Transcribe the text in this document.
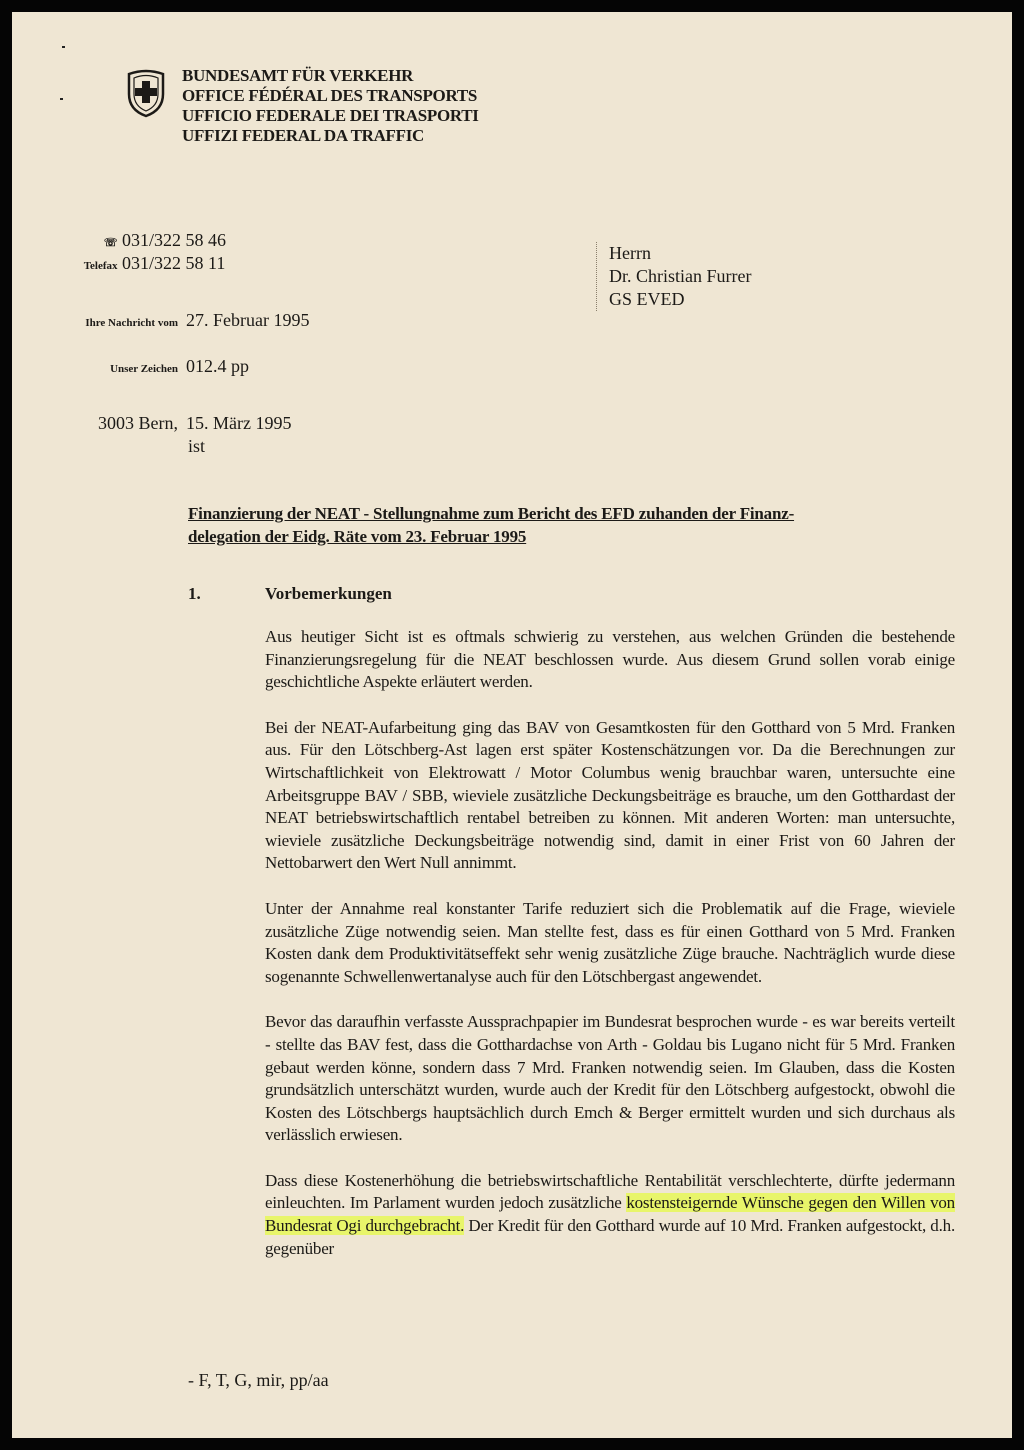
BUNDESAMT FÜR VERKEHR
OFFICE FÉDÉRAL DES TRANSPORTS
UFFICIO FEDERALE DEI TRASPORTI
UFFIZI FEDERAL DA TRAFFIC
☏ 031/322 58 46
Telefax 031/322 58 11
Ihre Nachricht vom 27. Februar 1995
Unser Zeichen 012.4 pp
3003 Bern, 15. März 1995
ist
Herrn
Dr. Christian Furrer
GS EVED
Finanzierung der NEAT - Stellungnahme zum Bericht des EFD zuhanden der Finanz-
delegation der Eidg. Räte vom 23. Februar 1995
1.	Vorbemerkungen

Aus heutiger Sicht ist es oftmals schwierig zu verstehen, aus welchen Gründen die bestehende Finanzierungsregelung für die NEAT beschlossen wurde. Aus diesem Grund sollen vorab einige geschichtliche Aspekte erläutert werden.

Bei der NEAT-Aufarbeitung ging das BAV von Gesamtkosten für den Gotthard von 5 Mrd. Franken aus. Für den Lötschberg-Ast lagen erst später Kostenschätzungen vor. Da die Berechnungen zur Wirtschaftlichkeit von Elektrowatt / Motor Columbus wenig brauchbar waren, untersuchte eine Arbeitsgruppe BAV / SBB, wieviele zusätzliche Deckungsbeiträge es brauche, um den Gotthardast der NEAT betriebswirtschaftlich rentabel betreiben zu können. Mit anderen Worten: man untersuchte, wieviele zusätzliche Deckungsbeiträge notwendig sind, damit in einer Frist von 60 Jahren der Nettobarwert den Wert Null annimmt.

Unter der Annahme real konstanter Tarife reduziert sich die Problematik auf die Frage, wieviele zusätzliche Züge notwendig seien. Man stellte fest, dass es für einen Gotthard von 5 Mrd. Franken Kosten dank dem Produktivitätseffekt sehr wenig zusätzliche Züge brauche. Nachträglich wurde diese sogenannte Schwellenwertanalyse auch für den Lötschbergast angewendet.

Bevor das daraufhin verfasste Aussprachpapier im Bundesrat besprochen wurde - es war bereits verteilt - stellte das BAV fest, dass die Gotthardachse von Arth - Goldau bis Lugano nicht für 5 Mrd. Franken gebaut werden könne, sondern dass 7 Mrd. Franken notwendig seien. Im Glauben, dass die Kosten grundsätzlich unterschätzt wurden, wurde auch der Kredit für den Lötschberg aufgestockt, obwohl die Kosten des Lötschbergs hauptsächlich durch Emch & Berger ermittelt wurden und sich durchaus als verlässlich erwiesen.

Dass diese Kostenerhöhung die betriebswirtschaftliche Rentabilität verschlechterte, dürfte jedermann einleuchten. Im Parlament wurden jedoch zusätzliche kostensteigernde Wünsche gegen den Willen von Bundesrat Ogi durchgebracht. Der Kredit für den Gotthard wurde auf 10 Mrd. Franken aufgestockt, d.h. gegenüber

- F, T, G, mir, pp/aa
